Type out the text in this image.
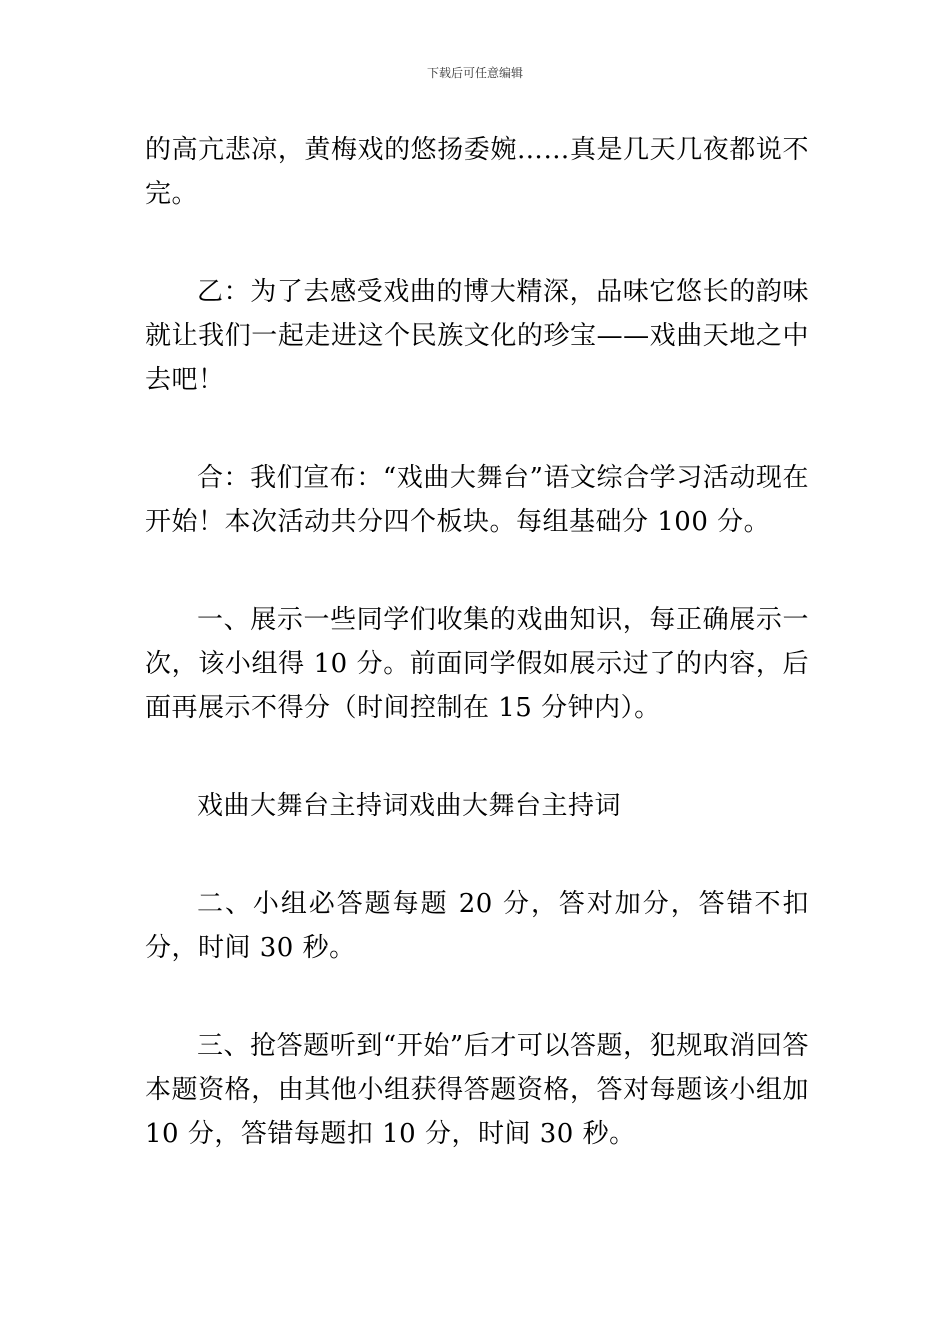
下载后可任意编辑

的高亢悲凉，黄梅戏的悠扬委婉……真是几天几夜都说不完。

乙：为了去感受戏曲的博大精深，品味它悠长的韵味就让我们一起走进这个民族文化的珍宝——戏曲天地之中去吧！

合：我们宣布：“戏曲大舞台”语文综合学习活动现在开始！本次活动共分四个板块。每组基础分 100 分。

一、展示一些同学们收集的戏曲知识，每正确展示一次，该小组得 10 分。前面同学假如展示过了的内容，后面再展示不得分（时间控制在 15 分钟内）。

戏曲大舞台主持词戏曲大舞台主持词

二、小组必答题每题 20 分，答对加分，答错不扣分，时间 30 秒。

三、抢答题听到“开始”后才可以答题，犯规取消回答本题资格，由其他小组获得答题资格，答对每题该小组加 10 分，答错每题扣 10 分，时间 30 秒。
